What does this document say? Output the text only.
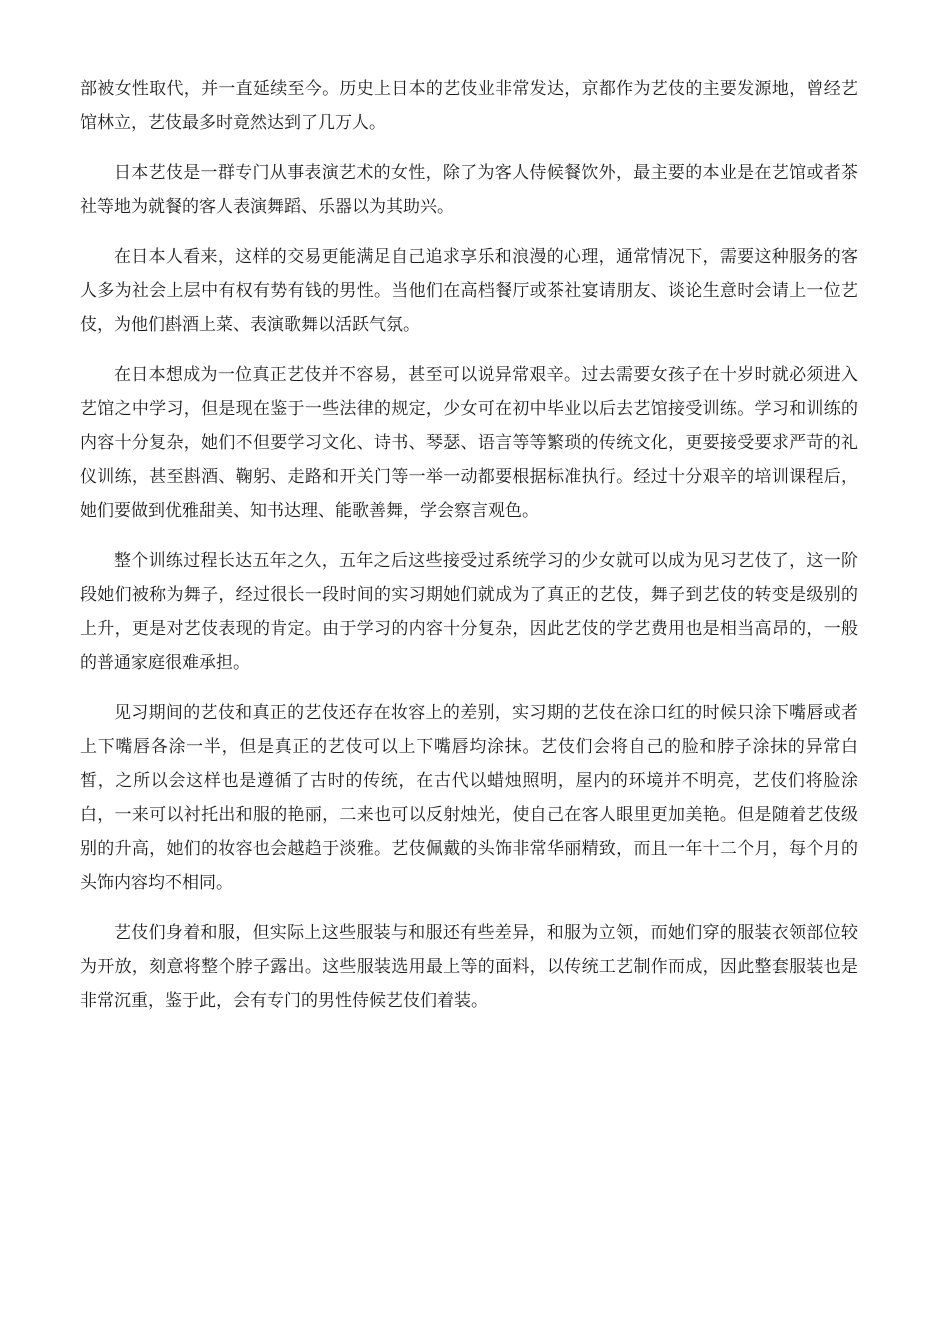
部被女性取代，并一直延续至今。历史上日本的艺伎业非常发达，京都作为艺伎的主要发源地，曾经艺馆林立，艺伎最多时竟然达到了几万人。

日本艺伎是一群专门从事表演艺术的女性，除了为客人侍候餐饮外，最主要的本业是在艺馆或者茶社等地为就餐的客人表演舞蹈、乐器以为其助兴。

在日本人看来，这样的交易更能满足自己追求享乐和浪漫的心理，通常情况下，需要这种服务的客人多为社会上层中有权有势有钱的男性。当他们在高档餐厅或茶社宴请朋友、谈论生意时会请上一位艺伎，为他们斟酒上菜、表演歌舞以活跃气氛。

在日本想成为一位真正艺伎并不容易，甚至可以说异常艰辛。过去需要女孩子在十岁时就必须进入艺馆之中学习，但是现在鉴于一些法律的规定，少女可在初中毕业以后去艺馆接受训练。学习和训练的内容十分复杂，她们不但要学习文化、诗书、琴瑟、语言等等繁琐的传统文化，更要接受要求严苛的礼仪训练，甚至斟酒、鞠躬、走路和开关门等一举一动都要根据标准执行。经过十分艰辛的培训课程后，她们要做到优雅甜美、知书达理、能歌善舞，学会察言观色。

整个训练过程长达五年之久，五年之后这些接受过系统学习的少女就可以成为见习艺伎了，这一阶段她们被称为舞子，经过很长一段时间的实习期她们就成为了真正的艺伎，舞子到艺伎的转变是级别的上升，更是对艺伎表现的肯定。由于学习的内容十分复杂，因此艺伎的学艺费用也是相当高昂的，一般的普通家庭很难承担。

见习期间的艺伎和真正的艺伎还存在妆容上的差别，实习期的艺伎在涂口红的时候只涂下嘴唇或者上下嘴唇各涂一半，但是真正的艺伎可以上下嘴唇均涂抹。艺伎们会将自己的脸和脖子涂抹的异常白皙，之所以会这样也是遵循了古时的传统，在古代以蜡烛照明，屋内的环境并不明亮，艺伎们将脸涂白，一来可以衬托出和服的艳丽，二来也可以反射烛光，使自己在客人眼里更加美艳。但是随着艺伎级别的升高，她们的妆容也会越趋于淡雅。艺伎佩戴的头饰非常华丽精致，而且一年十二个月，每个月的头饰内容均不相同。

艺伎们身着和服，但实际上这些服装与和服还有些差异，和服为立领，而她们穿的服装衣领部位较为开放，刻意将整个脖子露出。这些服装选用最上等的面料，以传统工艺制作而成，因此整套服装也是非常沉重，鉴于此，会有专门的男性侍候艺伎们着装。
